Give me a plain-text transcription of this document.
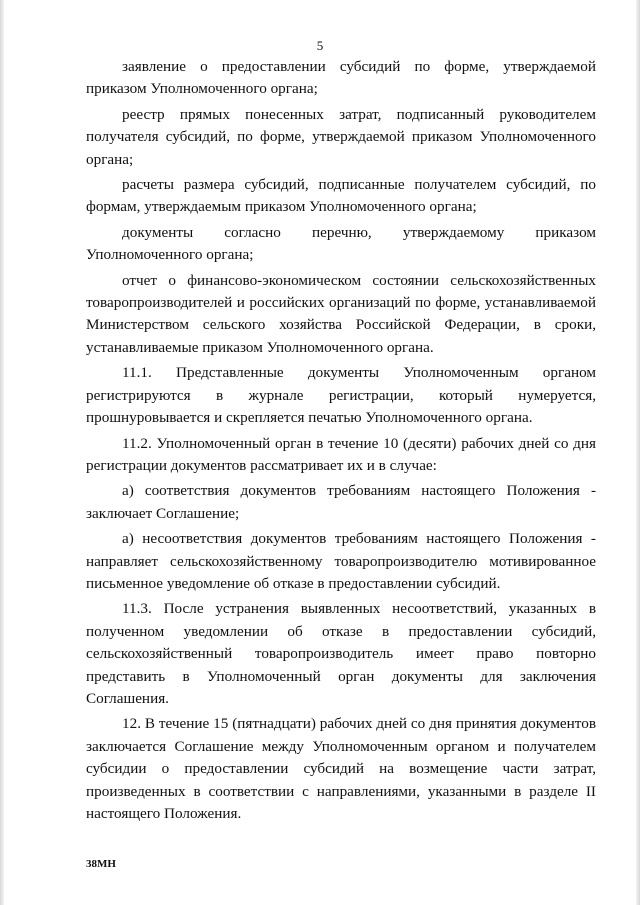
5

заявление о предоставлении субсидий по форме, утверждаемой приказом Уполномоченного органа;

реестр прямых понесенных затрат, подписанный руководителем получателя субсидий, по форме, утверждаемой приказом Уполномоченного органа;

расчеты размера субсидий, подписанные получателем субсидий, по формам, утверждаемым приказом Уполномоченного органа;

документы согласно перечню, утверждаемому приказом Уполномоченного органа;

отчет о финансово-экономическом состоянии сельскохозяйственных товаропроизводителей и российских организаций по форме, устанавливаемой Министерством сельского хозяйства Российской Федерации, в сроки, устанавливаемые приказом Уполномоченного органа.

11.1. Представленные документы Уполномоченным органом регистрируются в журнале регистрации, который нумеруется, прошнуровывается и скрепляется печатью Уполномоченного органа.

11.2. Уполномоченный орган в течение 10 (десяти) рабочих дней со дня регистрации документов рассматривает их и в случае:

а) соответствия документов требованиям настоящего Положения - заключает Соглашение;

а) несоответствия документов требованиям настоящего Положения - направляет сельскохозяйственному товаропроизводителю мотивированное письменное уведомление об отказе в предоставлении субсидий.

11.3. После устранения выявленных несоответствий, указанных в полученном уведомлении об отказе в предоставлении субсидий, сельскохозяйственный товаропроизводитель имеет право повторно представить в Уполномоченный орган документы для заключения Соглашения.

12. В течение 15 (пятнадцати) рабочих дней со дня принятия документов заключается Соглашение между Уполномоченным органом и получателем субсидии о предоставлении субсидий на возмещение части затрат, произведенных в соответствии с направлениями, указанными в разделе II настоящего Положения.

38МН
